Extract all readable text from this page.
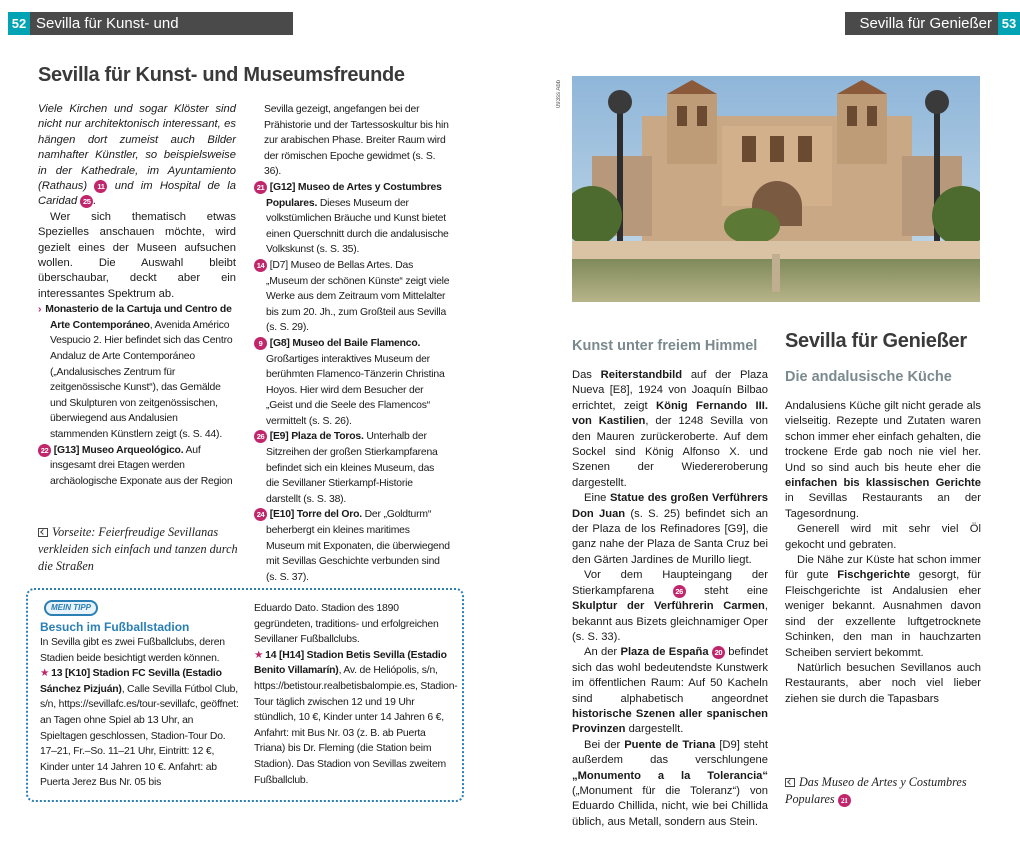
52 Sevilla für Kunst- und Museumsfreunde
53
Sevilla für Genießer
Sevilla für Kunst- und Museumsfreunde

Viele Kirchen und sogar Klöster sind nicht nur architektonisch interessant, es hängen dort zumeist auch Bilder namhafter Künstler, so beispielsweise in der Kathedrale, im Ayuntamiento (Rathaus) 11 und im Hospital de la Caridad 25 .

Wer sich thematisch etwas Spezielles anschauen möchte, wird gezielt eines der Museen aufsuchen wollen. Die Auswahl bleibt überschaubar, deckt aber ein interessantes Spektrum ab.

› Monasterio de la Cartuja und Centro de Arte Contemporáneo, Avenida Américo Vespucio 2. Hier befindet sich das Centro Andaluz de Arte Contemporáneo („Andalusisches Zentrum für zeitgenössische Kunst“), das Gemälde und Skulpturen von zeitgenössischen, überwiegend aus Andalusien stammenden Künstlern zeigt (s. S. 44).

22 [G13] Museo Arqueológico. Auf insgesamt drei Etagen werden archäologische Exponate aus der Region

Sevilla gezeigt, angefangen bei der Prähistorie und der Tartessoskultur bis hin zur arabischen Phase. Breiter Raum wird der römischen Epoche gewidmet (s. S. 36).

21 [G12] Museo de Artes y Costumbres Populares. Dieses Museum der volkstümlichen Bräuche und Kunst bietet einen Querschnitt durch die andalusische Volkskunst (s. S. 35).

14 [D7] Museo de Bellas Artes. Das „Museum der schönen Künste“ zeigt viele Werke aus dem Zeitraum vom Mittelalter bis zum 20. Jh., zum Großteil aus Sevilla (s. S. 29).

9 [G8] Museo del Baile Flamenco. Großartiges interaktives Museum der berühmten Flamenco-Tänzerin Christina Hoyos. Hier wird dem Besucher der „Geist und die Seele des Flamencos“ vermittelt (s. S. 26).

26 [E9] Plaza de Toros. Unterhalb der Sitzreihen der großen Stierkampfarena befindet sich ein kleines Museum, das die Sevillaner Stierkampf-Historie darstellt (s. S. 38).

24 [E10] Torre del Oro. Der „Goldturm“ beherbergt ein kleines maritimes Museum mit Exponaten, die überwiegend mit Sevillas Geschichte verbunden sind (s. S. 37).

Vorseite: Feierfreudige Sevillanas verkleiden sich einfach und tanzen durch die Straßen
MEIN TIPP
Besuch im Fußballstadion

In Sevilla gibt es zwei Fußballclubs, deren Stadien beide besichtigt werden können.

★ 13 [K10] Stadion FC Sevilla (Estadio Sánchez Pizjuán), Calle Sevilla Fútbol Club, s/n, https://sevillafc.es/tour-sevillafc, geöffnet: an Tagen ohne Spiel ab 13 Uhr, an Spieltagen geschlossen, Stadion-Tour Do. 17–21, Fr.–So. 11–21 Uhr, Eintritt: 12 €, Kinder unter 14 Jahren 10 €. Anfahrt: ab Puerta Jerez Bus Nr. 05 bis

Eduardo Dato. Stadion des 1890 gegründeten, traditions- und erfolgreichen Sevillaner Fußballclubs.

★ 14 [H14] Stadion Betis Sevilla (Estadio Benito Villamarín), Av. de Heliópolis, s/n, https://betistour.realbetisbalompie.es, Stadion-Tour täglich zwischen 12 und 19 Uhr stündlich, 10 €, Kinder unter 14 Jahren 6 €, Anfahrt: mit Bus Nr. 03 (z. B. ab Puerta Triana) bis Dr. Fleming (die Station beim Stadion). Das Stadion von Sevillas zweitem Fußballclub.

093ss Abb
Kunst unter freiem Himmel

Das Reiterstandbild auf der Plaza Nueva [E8], 1924 von Joaquín Bilbao errichtet, zeigt König Fernando III. von Kastilien, der 1248 Sevilla von den Mauren zurückeroberte. Auf dem Sockel sind König Alfonso X. und Szenen der Wiedereroberung dargestellt.

Eine Statue des großen Verführers Don Juan (s. S. 25) befindet sich an der Plaza de los Refinadores [G9], die ganz nahe der Plaza de Santa Cruz bei den Gärten Jardines de Murillo liegt.

Vor dem Haupteingang der Stierkampfarena	26 steht eine Skulptur der Verführerin Carmen, bekannt aus Bizets gleichnamiger Oper (s. S. 33).

An der Plaza de España 20 befindet sich das wohl bedeutendste Kunstwerk im öffentlichen Raum: Auf 50 Kacheln sind alphabetisch angeordnet historische Szenen aller spanischen Provinzen dargestellt.

Bei der Puente de Triana [D9] steht außerdem das verschlungene „Monumento a la Tolerancia“ („Monument für die Toleranz“) von Eduardo Chillida, nicht, wie bei Chillida üblich, aus Metall, sondern aus Stein.

Sevilla für Genießer
Die andalusische Küche

Andalusiens Küche gilt nicht gerade als vielseitig. Rezepte und Zutaten waren schon immer eher einfach gehalten, die trockene Erde gab noch nie viel her. Und so sind auch bis heute eher die einfachen bis klassischen Gerichte in Sevillas Restaurants an der Tagesordnung.

Generell wird mit sehr viel Öl gekocht und gebraten.

Die Nähe zur Küste hat schon immer für gute Fischgerichte gesorgt, für Fleischgerichte ist Andalusien eher weniger bekannt. Ausnahmen davon sind der exzellente luftgetrocknete Schinken, den man in hauchzarten Scheiben serviert bekommt.

Natürlich besuchen Sevillanos auch Restaurants, aber noch viel lieber ziehen sie durch die Tapasbars

Das Museo de Artes y Costumbres Populares 21
